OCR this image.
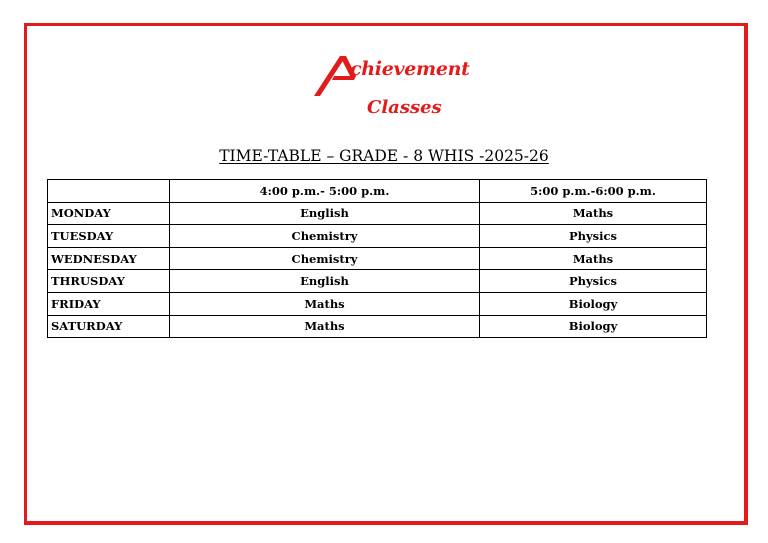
chievement
Classes
TIME-TABLE – GRADE - 8 WHIS -2025-26
	4:00 p.m.- 5:00 p.m.	5:00 p.m.-6:00 p.m.
MONDAY	English	Maths
TUESDAY	Chemistry	Physics
WEDNESDAY	Chemistry	Maths
THRUSDAY	English	Physics
FRIDAY	Maths	Biology
SATURDAY	Maths	Biology
